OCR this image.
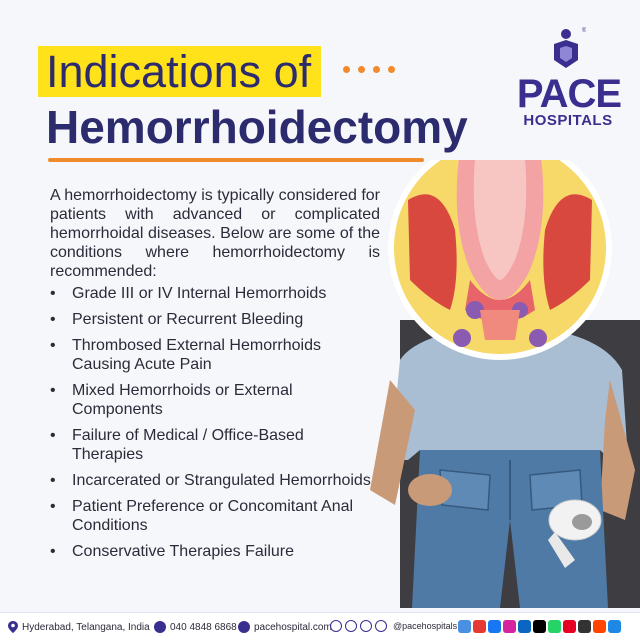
Indications of
Hemorrhoidectomy
®
PACE
HOSPITALS

A hemorrhoidectomy is typically considered for patients with advanced or complicated hemorrhoidal diseases. Below are some of the conditions where hemorrhoidectomy is recommended:

• Grade III or IV Internal Hemorrhoids
• Persistent or Recurrent Bleeding
• Thrombosed External Hemorrhoids Causing Acute Pain
• Mixed Hemorrhoids or External Components
• Failure of Medical / Office-Based Therapies
• Incarcerated or Strangulated Hemorrhoids
• Patient Preference or Concomitant Anal Conditions
• Conservative Therapies Failure
Hyderabad, Telangana, India 040 4848 6868 pacehospital.com	@pacehospitals
